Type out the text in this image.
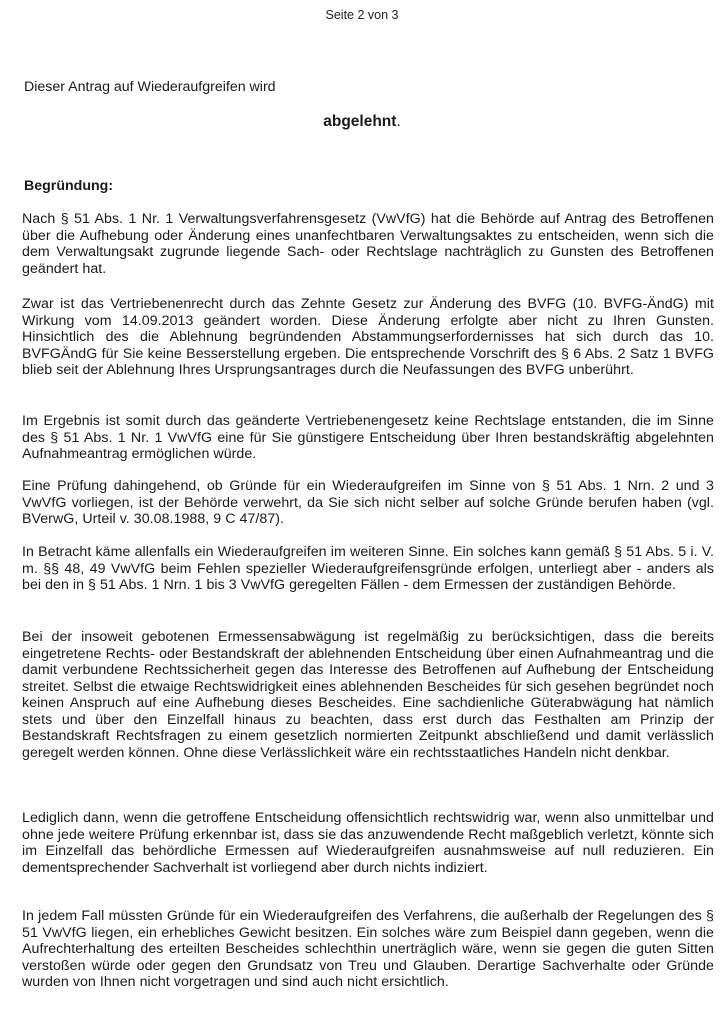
Seite 2 von 3
Dieser Antrag auf Wiederaufgreifen wird
abgelehnt.
Begründung:
Nach § 51 Abs. 1 Nr. 1 Verwaltungsverfahrensgesetz (VwVfG) hat die Behörde auf Antrag des Betroffenen über die Aufhebung oder Änderung eines unanfechtbaren Verwaltungsaktes zu entscheiden, wenn sich die dem Verwaltungsakt zugrunde liegende Sach- oder Rechtslage nachträglich zu Gunsten des Betroffenen geändert hat.
Zwar ist das Vertriebenenrecht durch das Zehnte Gesetz zur Änderung des BVFG (10. BVFG-ÄndG) mit Wirkung vom 14.09.2013 geändert worden. Diese Änderung erfolgte aber nicht zu Ihren Gunsten. Hinsichtlich des die Ablehnung begründenden Abstammungserfordernisses hat sich durch das 10. BVFGÄndG für Sie keine Besserstellung ergeben. Die entsprechende Vorschrift des § 6 Abs. 2 Satz 1 BVFG blieb seit der Ablehnung Ihres Ursprungsantrages durch die Neufassungen des BVFG unberührt.
Im Ergebnis ist somit durch das geänderte Vertriebenengesetz keine Rechtslage entstanden, die im Sinne des § 51 Abs. 1 Nr. 1 VwVfG eine für Sie günstigere Entscheidung über Ihren bestandskräftig abgelehnten Aufnahmeantrag ermöglichen würde.
Eine Prüfung dahingehend, ob Gründe für ein Wiederaufgreifen im Sinne von § 51 Abs. 1 Nrn. 2 und 3 VwVfG vorliegen, ist der Behörde verwehrt, da Sie sich nicht selber auf solche Gründe berufen haben (vgl. BVerwG, Urteil v. 30.08.1988, 9 C 47/87).
In Betracht käme allenfalls ein Wiederaufgreifen im weiteren Sinne. Ein solches kann gemäß § 51 Abs. 5 i. V. m. §§ 48, 49 VwVfG beim Fehlen spezieller Wiederaufgreifensgründe erfolgen, unterliegt aber - anders als bei den in § 51 Abs. 1 Nrn. 1 bis 3 VwVfG geregelten Fällen - dem Ermessen der zuständigen Behörde.
Bei der insoweit gebotenen Ermessensabwägung ist regelmäßig zu berücksichtigen, dass die bereits eingetretene Rechts- oder Bestandskraft der ablehnenden Entscheidung über einen Aufnahmeantrag und die damit verbundene Rechtssicherheit gegen das Interesse des Betroffenen auf Aufhebung der Entscheidung streitet. Selbst die etwaige Rechtswidrigkeit eines ablehnenden Bescheides für sich gesehen begründet noch keinen Anspruch auf eine Aufhebung dieses Bescheides. Eine sachdienliche Güterabwägung hat nämlich stets und über den Einzelfall hinaus zu beachten, dass erst durch das Festhalten am Prinzip der Bestandskraft Rechtsfragen zu einem gesetzlich normierten Zeitpunkt abschließend und damit verlässlich geregelt werden können. Ohne diese Verlässlichkeit wäre ein rechtsstaatliches Handeln nicht denkbar.
Lediglich dann, wenn die getroffene Entscheidung offensichtlich rechtswidrig war, wenn also unmittelbar und ohne jede weitere Prüfung erkennbar ist, dass sie das anzuwendende Recht maßgeblich verletzt, könnte sich im Einzelfall das behördliche Ermessen auf Wiederaufgreifen ausnahmsweise auf null reduzieren. Ein dementsprechender Sachverhalt ist vorliegend aber durch nichts indiziert.
In jedem Fall müssten Gründe für ein Wiederaufgreifen des Verfahrens, die außerhalb der Regelungen des § 51 VwVfG liegen, ein erhebliches Gewicht besitzen. Ein solches wäre zum Beispiel dann gegeben, wenn die Aufrechterhaltung des erteilten Bescheides schlechthin unerträglich wäre, wenn sie gegen die guten Sitten verstoßen würde oder gegen den Grundsatz von Treu und Glauben. Derartige Sachverhalte oder Gründe wurden von Ihnen nicht vorgetragen und sind auch nicht ersichtlich.
